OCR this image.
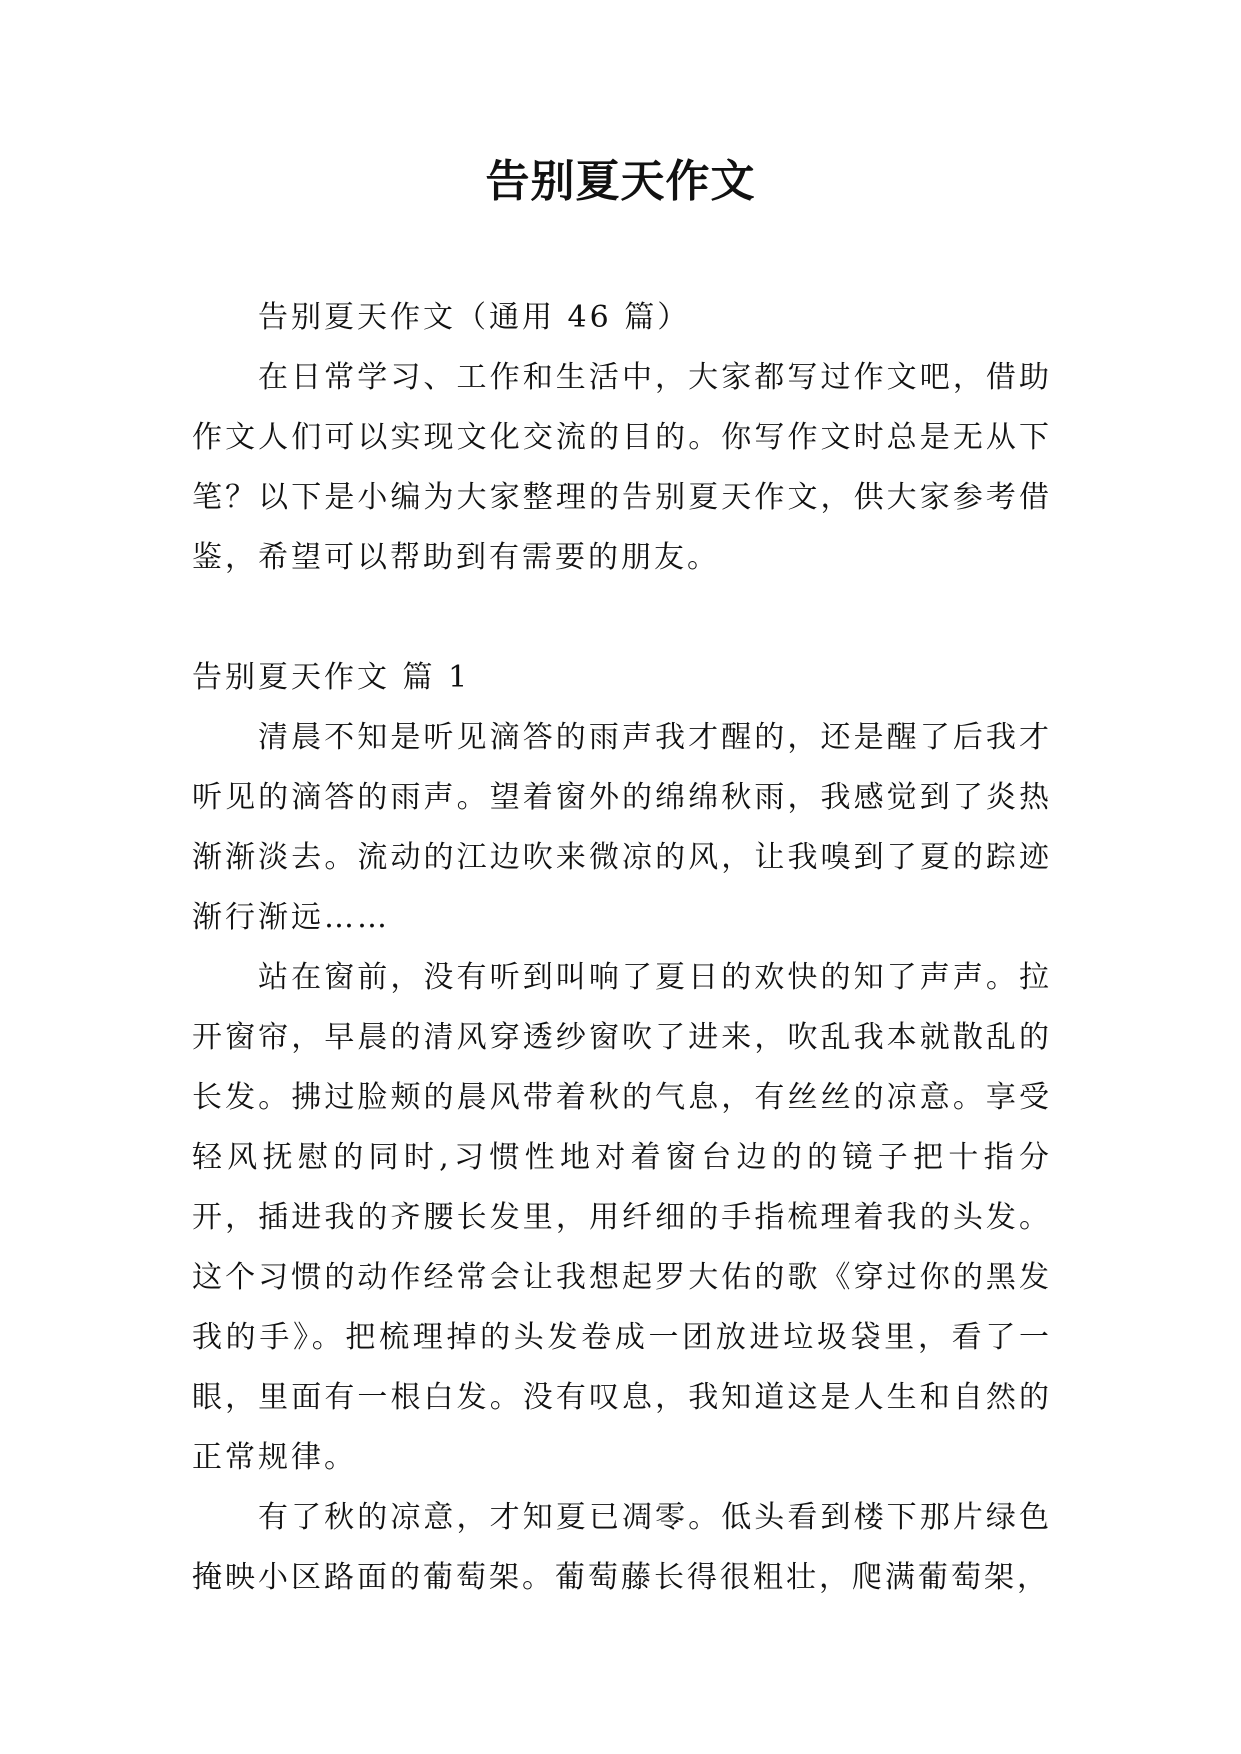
告别夏天作文

告别夏天作文（通用 46 篇）

在日常学习、工作和生活中，大家都写过作文吧，借助作文人们可以实现文化交流的目的。你写作文时总是无从下笔？以下是小编为大家整理的告别夏天作文，供大家参考借鉴，希望可以帮助到有需要的朋友。

告别夏天作文 篇 1

清晨不知是听见滴答的雨声我才醒的，还是醒了后我才听见的滴答的雨声。望着窗外的绵绵秋雨，我感觉到了炎热渐渐淡去。流动的江边吹来微凉的风，让我嗅到了夏的踪迹渐行渐远……

站在窗前，没有听到叫响了夏日的欢快的知了声声。拉开窗帘，早晨的清风穿透纱窗吹了进来，吹乱我本就散乱的长发。拂过脸颊的晨风带着秋的气息，有丝丝的凉意。享受轻风抚慰的同时,习惯性地对着窗台边的的镜子把十指分开，插进我的齐腰长发里，用纤细的手指梳理着我的头发。这个习惯的动作经常会让我想起罗大佑的歌《穿过你的黑发我的手》。把梳理掉的头发卷成一团放进垃圾袋里，看了一眼，里面有一根白发。没有叹息，我知道这是人生和自然的正常规律。

有了秋的凉意，才知夏已凋零。低头看到楼下那片绿色掩映小区路面的葡萄架。葡萄藤长得很粗壮，爬满葡萄架，
